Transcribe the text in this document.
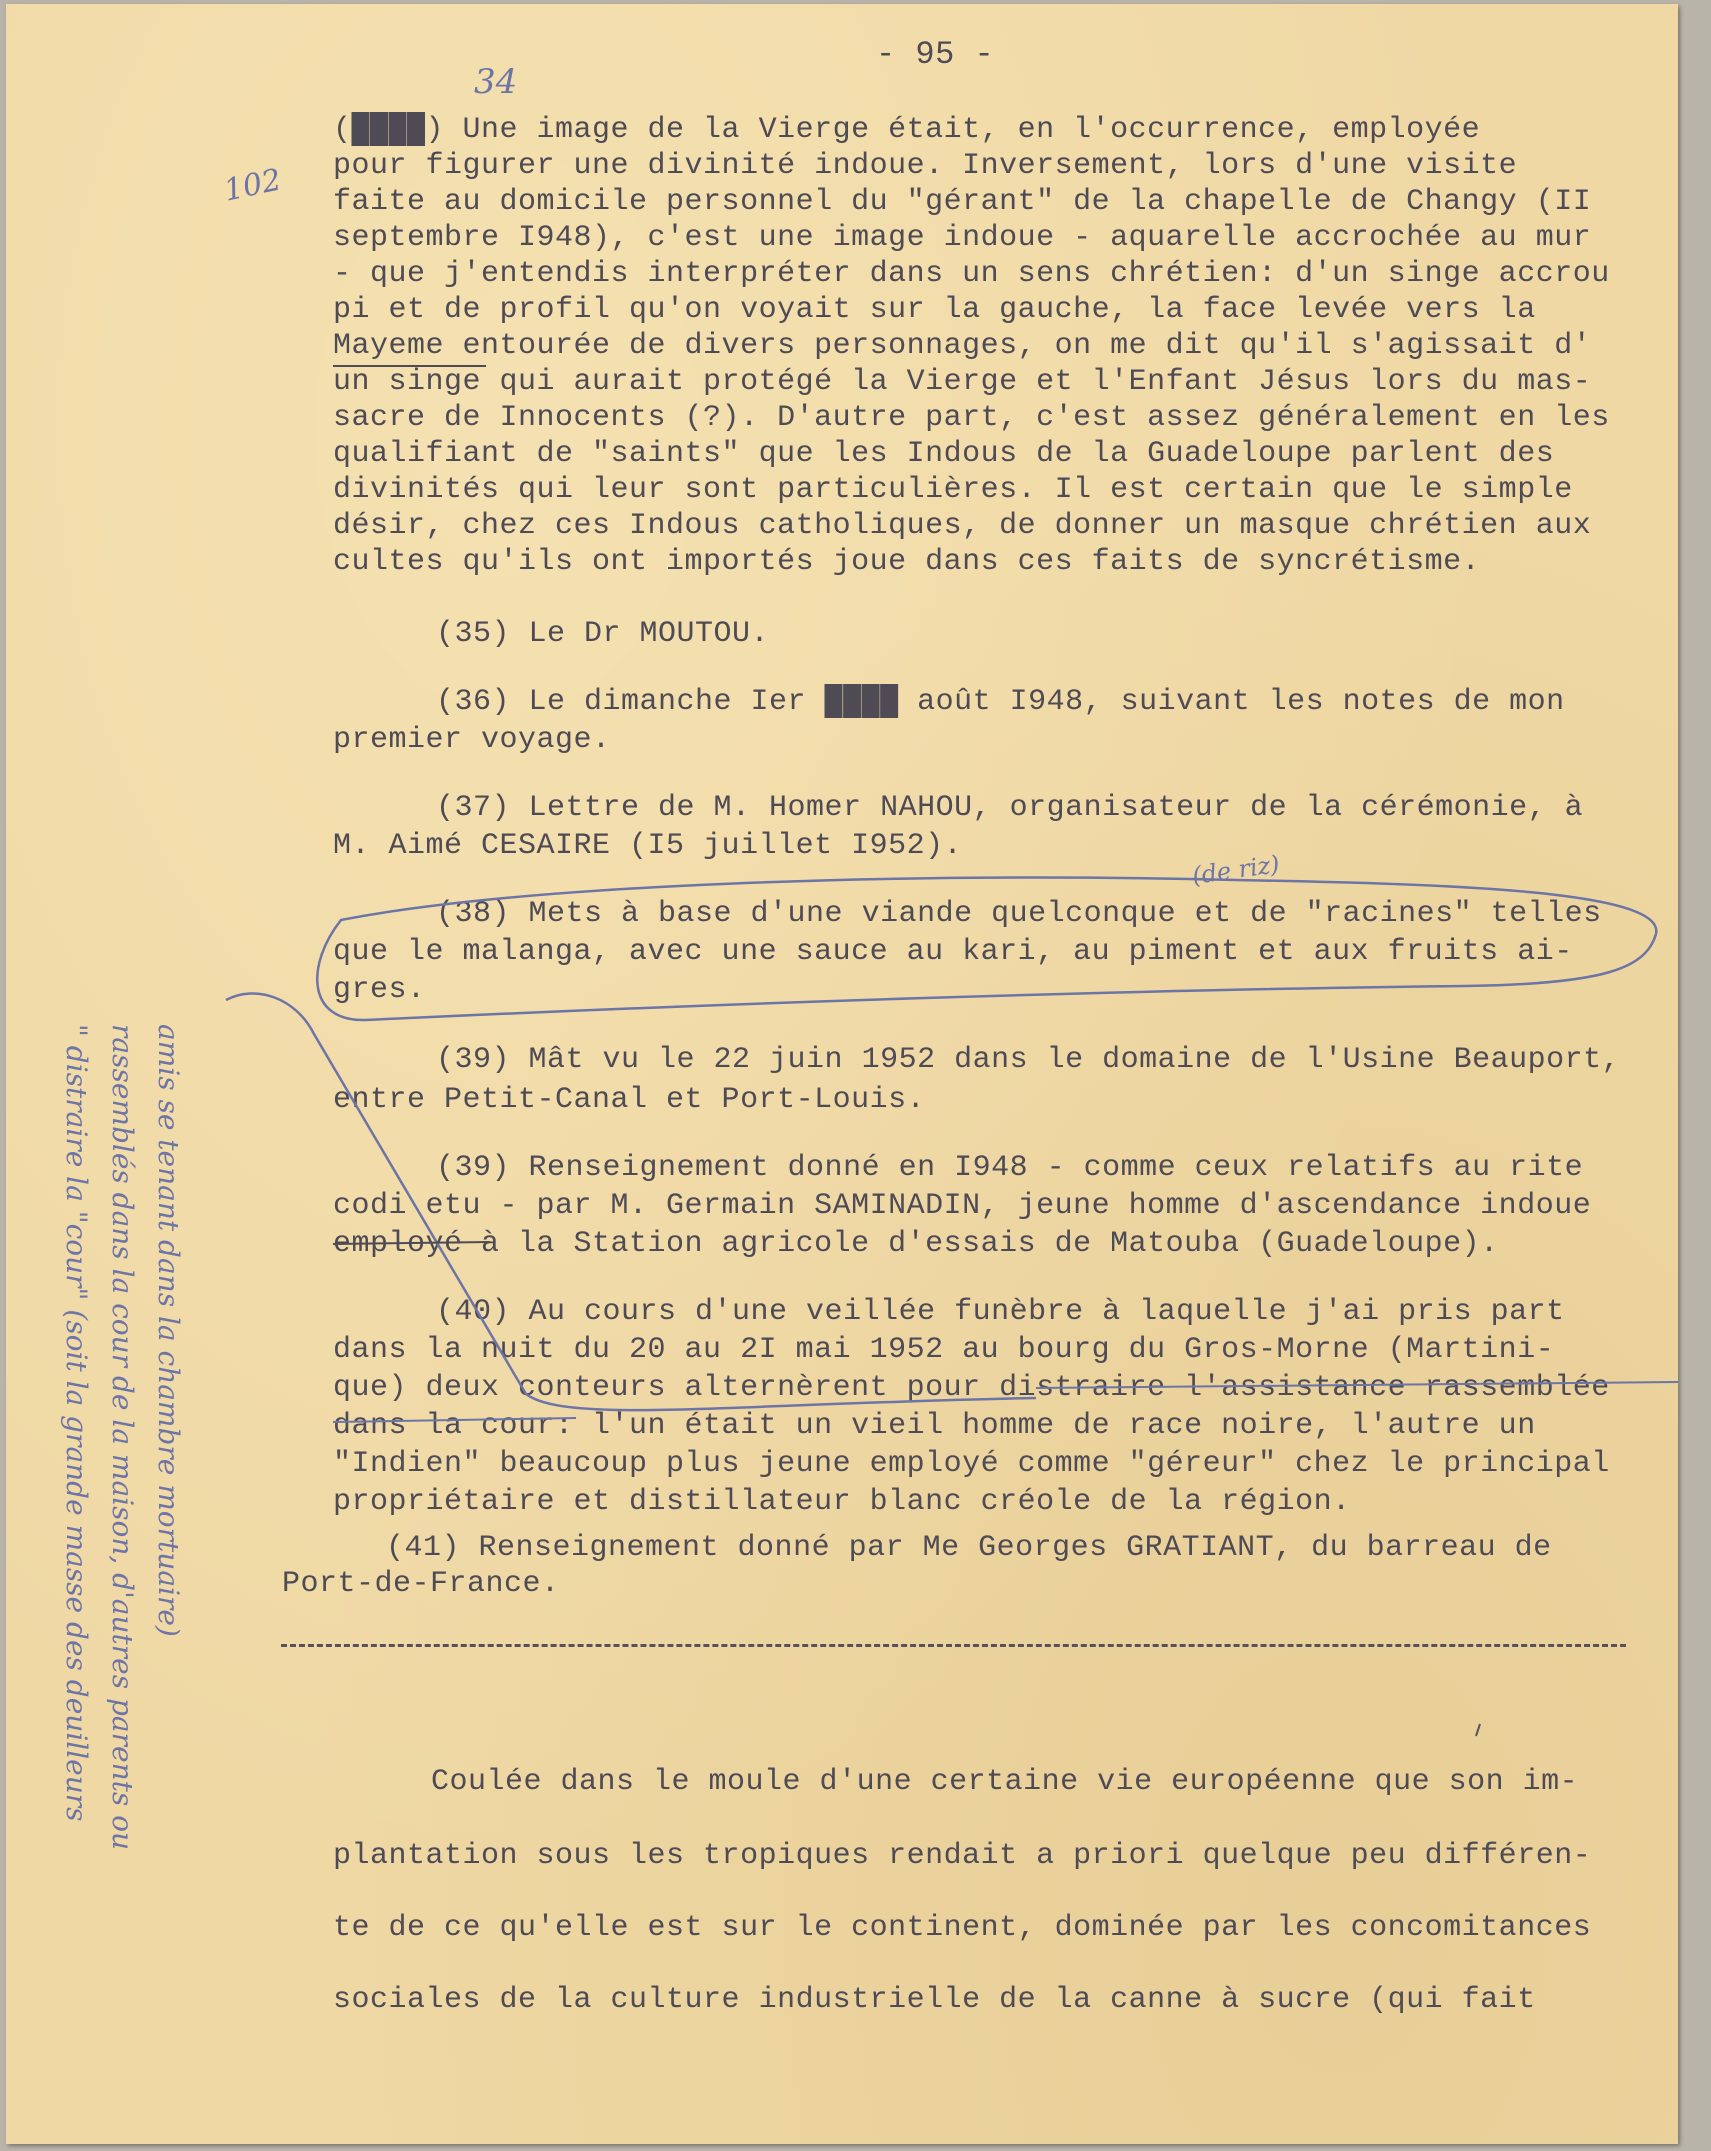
- 95 -
34
102
(████) Une image de la Vierge était, en l'occurrence, employée
pour figurer une divinité indoue. Inversement, lors d'une visite
faite au domicile personnel du "gérant" de la chapelle de Changy (II
septembre I948), c'est une image indoue - aquarelle accrochée au mur
- que j'entendis interpréter dans un sens chrétien: d'un singe accrou
pi et de profil qu'on voyait sur la gauche, la face levée vers la
Mayeme entourée de divers personnages, on me dit qu'il s'agissait d'
un singe qui aurait protégé la Vierge et l'Enfant Jésus lors du mas-
sacre de Innocents (?). D'autre part, c'est assez généralement en les
qualifiant de "saints" que les Indous de la Guadeloupe parlent des
divinités qui leur sont particulières. Il est certain que le simple
désir, chez ces Indous catholiques, de donner un masque chrétien aux
cultes qu'ils ont importés joue dans ces faits de syncrétisme.
(35) Le Dr MOUTOU.
(36) Le dimanche Ier ████ août I948, suivant les notes de mon
premier voyage.
(37) Lettre de M. Homer NAHOU, organisateur de la cérémonie, à
M. Aimé CESAIRE (I5 juillet I952).
(de riz)
(38) Mets à base d'une viande quelconque et de "racines" telles
que le malanga, avec une sauce au kari, au piment et aux fruits ai-
gres.
(39) Mât vu le 22 juin 1952 dans le domaine de l'Usine Beauport,
entre Petit-Canal et Port-Louis.
(39) Renseignement donné en I948 - comme ceux relatifs au rite
codi etu - par M. Germain SAMINADIN, jeune homme d'ascendance indoue
employé à la Station agricole d'essais de Matouba (Guadeloupe).
(40) Au cours d'une veillée funèbre à laquelle j'ai pris part
dans la nuit du 20 au 2I mai 1952 au bourg du Gros-Morne (Martini-
que) deux conteurs alternèrent pour distraire l'assistance rassemblée
dans la cour: l'un était un vieil homme de race noire, l'autre un
"Indien" beaucoup plus jeune employé comme "géreur" chez le principal
propriétaire et distillateur blanc créole de la région.
(41) Renseignement donné par Me Georges GRATIANT, du barreau de
Port-de-France.
Coulée dans le moule d'une certaine vie européenne que son im-
plantation sous les tropiques rendait a priori quelque peu différen-
te de ce qu'elle est sur le continent, dominée par les concomitances
sociales de la culture industrielle de la canne à sucre (qui fait

" distraire la "cour" (soit la grande masse des deuilleurs

rassemblés dans la cour de la maison, d'autres parents ou

amis se tenant dans la chambre mortuaire)
